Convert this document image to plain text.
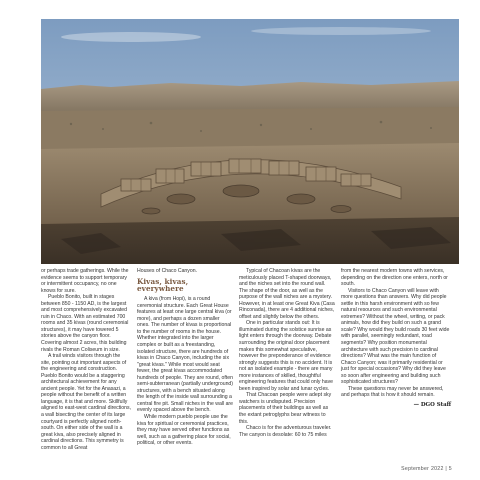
or perhaps trade gatherings. While the evidence seems to support temporary or intermittent occupancy, no one knows for sure.

Pueblo Bonito, built in stages between 850 - 1150 AD, is the largest and most comprehensively excavated ruin in Chaco. With an estimated 700 rooms and 35 kivas (round ceremonial structures), it may have towered 5 stories above the canyon floor. Covering almost 2 acres, this building rivals the Roman Coliseum in size.

A trail winds visitors through the site, pointing out important aspects of the engineering and construction. Pueblo Bonito would be a staggering architectural achievement for any ancient people. Yet for the Anasazi, a people without the benefit of a written language, it is that and more. Skillfully aligned to east-west cardinal directions, a wall bisecting the center of its large courtyard is perfectly aligned north-south. On either side of the wall is a great kiva, also precisely aligned in cardinal directions. This symmetry is common to all Great

Houses of Chaco Canyon.

Kivas, kivas, everywhere

A kiva (from Hopi), is a round ceremonial structure. Each Great House features at least one large central kiva (or more), and perhaps a dozen smaller ones. The number of kivas is proportional to the number of rooms in the house. Whether integrated into the larger complex or built as a freestanding, isolated structure, there are hundreds of kivas in Chaco Canyon, including the six "great kivas." While most would seat fewer, the great kivas accommodated hundreds of people. They are round, often semi-subterranean (partially underground) structures, with a bench situated along the length of the inside wall surrounding a central fire pit. Small niches in the wall are evenly spaced above the bench.

While modern pueblo people use the kiva for spiritual or ceremonial practices, they may have served other functions as well, such as a gathering place for social, political, or other events.

Typical of Chacoan kivas are the meticulously placed T-shaped doorways, and the niches set into the round wall. The shape of the door, as well as the purpose of the wall niches are a mystery. However, in at least one Great Kiva (Casa Rinconada), there are 4 additional niches, offset and slightly below the others.

One in particular stands out: It is illuminated during the solstice sunrise as light enters through the doorway. Debate surrounding the original door placement makes this somewhat speculative, however the preponderance of evidence strongly suggests this is no accident. It is not an isolated example - there are many more instances of skilled, thoughtful engineering features that could only have been inspired by solar and lunar cycles.

That Chacoan people were adept sky watchers is undisputed. Precision placements of their buildings as well as the extant petroglyphs bear witness to this.

Chaco is for the adventurous traveler. The canyon is desolate: 60 to 75 miles

from the nearest modern towns with services, depending on the direction one enters, north or south.

Visitors to Chaco Canyon will leave with more questions than answers. Why did people settle in this harsh environment with so few natural resources and such environmental extremes? Without the wheel, writing, or pack animals, how did they build on such a grand scale? Why would they build roads 30 feet wide with parallel, seemingly redundant, road segments? Why position monumental architecture with such precision to cardinal directions? What was the main function of Chaco Canyon; was it primarily residential or just for special occasions? Why did they leave so soon after engineering and building such sophisticated structures?

These questions may never be answered, and perhaps that is how it should remain.

— DGO Staff
September 2022 | 5
